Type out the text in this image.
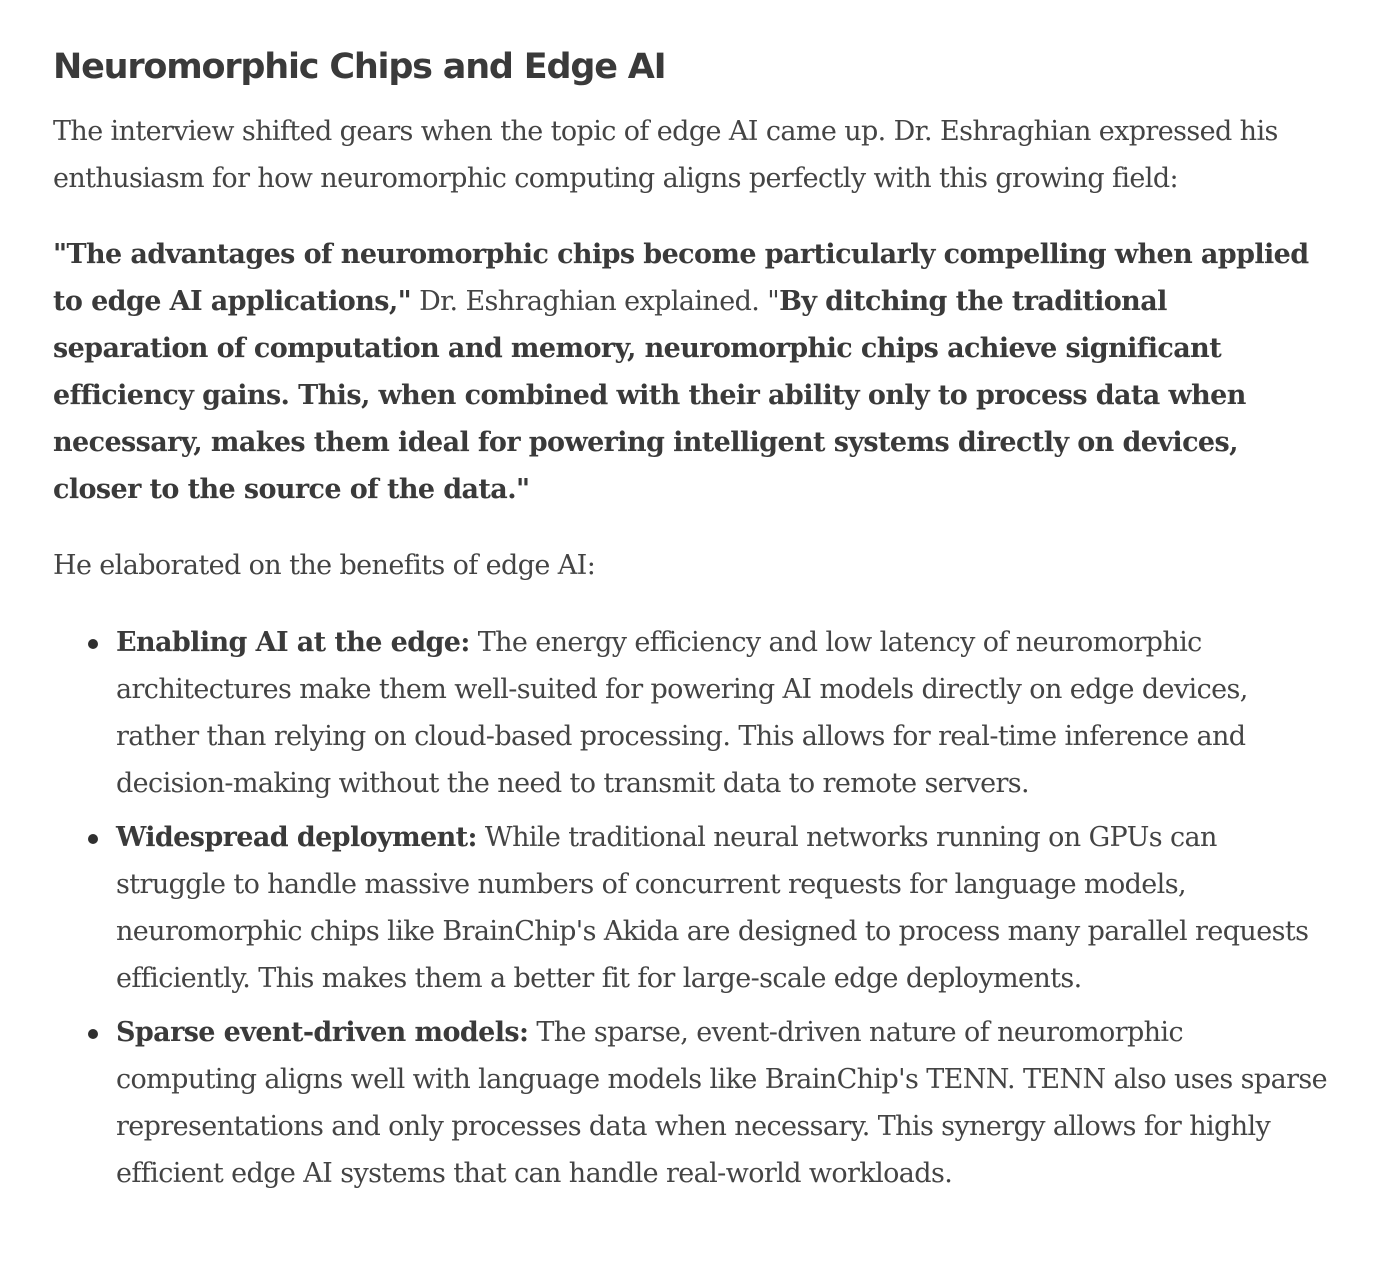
Neuromorphic Chips and Edge AI

The interview shifted gears when the topic of edge AI came up. Dr. Eshraghian expressed his enthusiasm for how neuromorphic computing aligns perfectly with this growing field:

"The advantages of neuromorphic chips become particularly compelling when applied to edge AI applications," Dr. Eshraghian explained. "By ditching the traditional separation of computation and memory, neuromorphic chips achieve significant efficiency gains. This, when combined with their ability only to process data when necessary, makes them ideal for powering intelligent systems directly on devices, closer to the source of the data."

He elaborated on the benefits of edge AI:

Enabling AI at the edge: The energy efficiency and low latency of neuromorphic architectures make them well-suited for powering AI models directly on edge devices, rather than relying on cloud-based processing. This allows for real-time inference and decision-making without the need to transmit data to remote servers.
Widespread deployment: While traditional neural networks running on GPUs can struggle to handle massive numbers of concurrent requests for language models, neuromorphic chips like BrainChip's Akida are designed to process many parallel requests efficiently. This makes them a better fit for large-scale edge deployments.
Sparse event-driven models: The sparse, event-driven nature of neuromorphic computing aligns well with language models like BrainChip's TENN. TENN also uses sparse representations and only processes data when necessary. This synergy allows for highly efficient edge AI systems that can handle real-world workloads.
